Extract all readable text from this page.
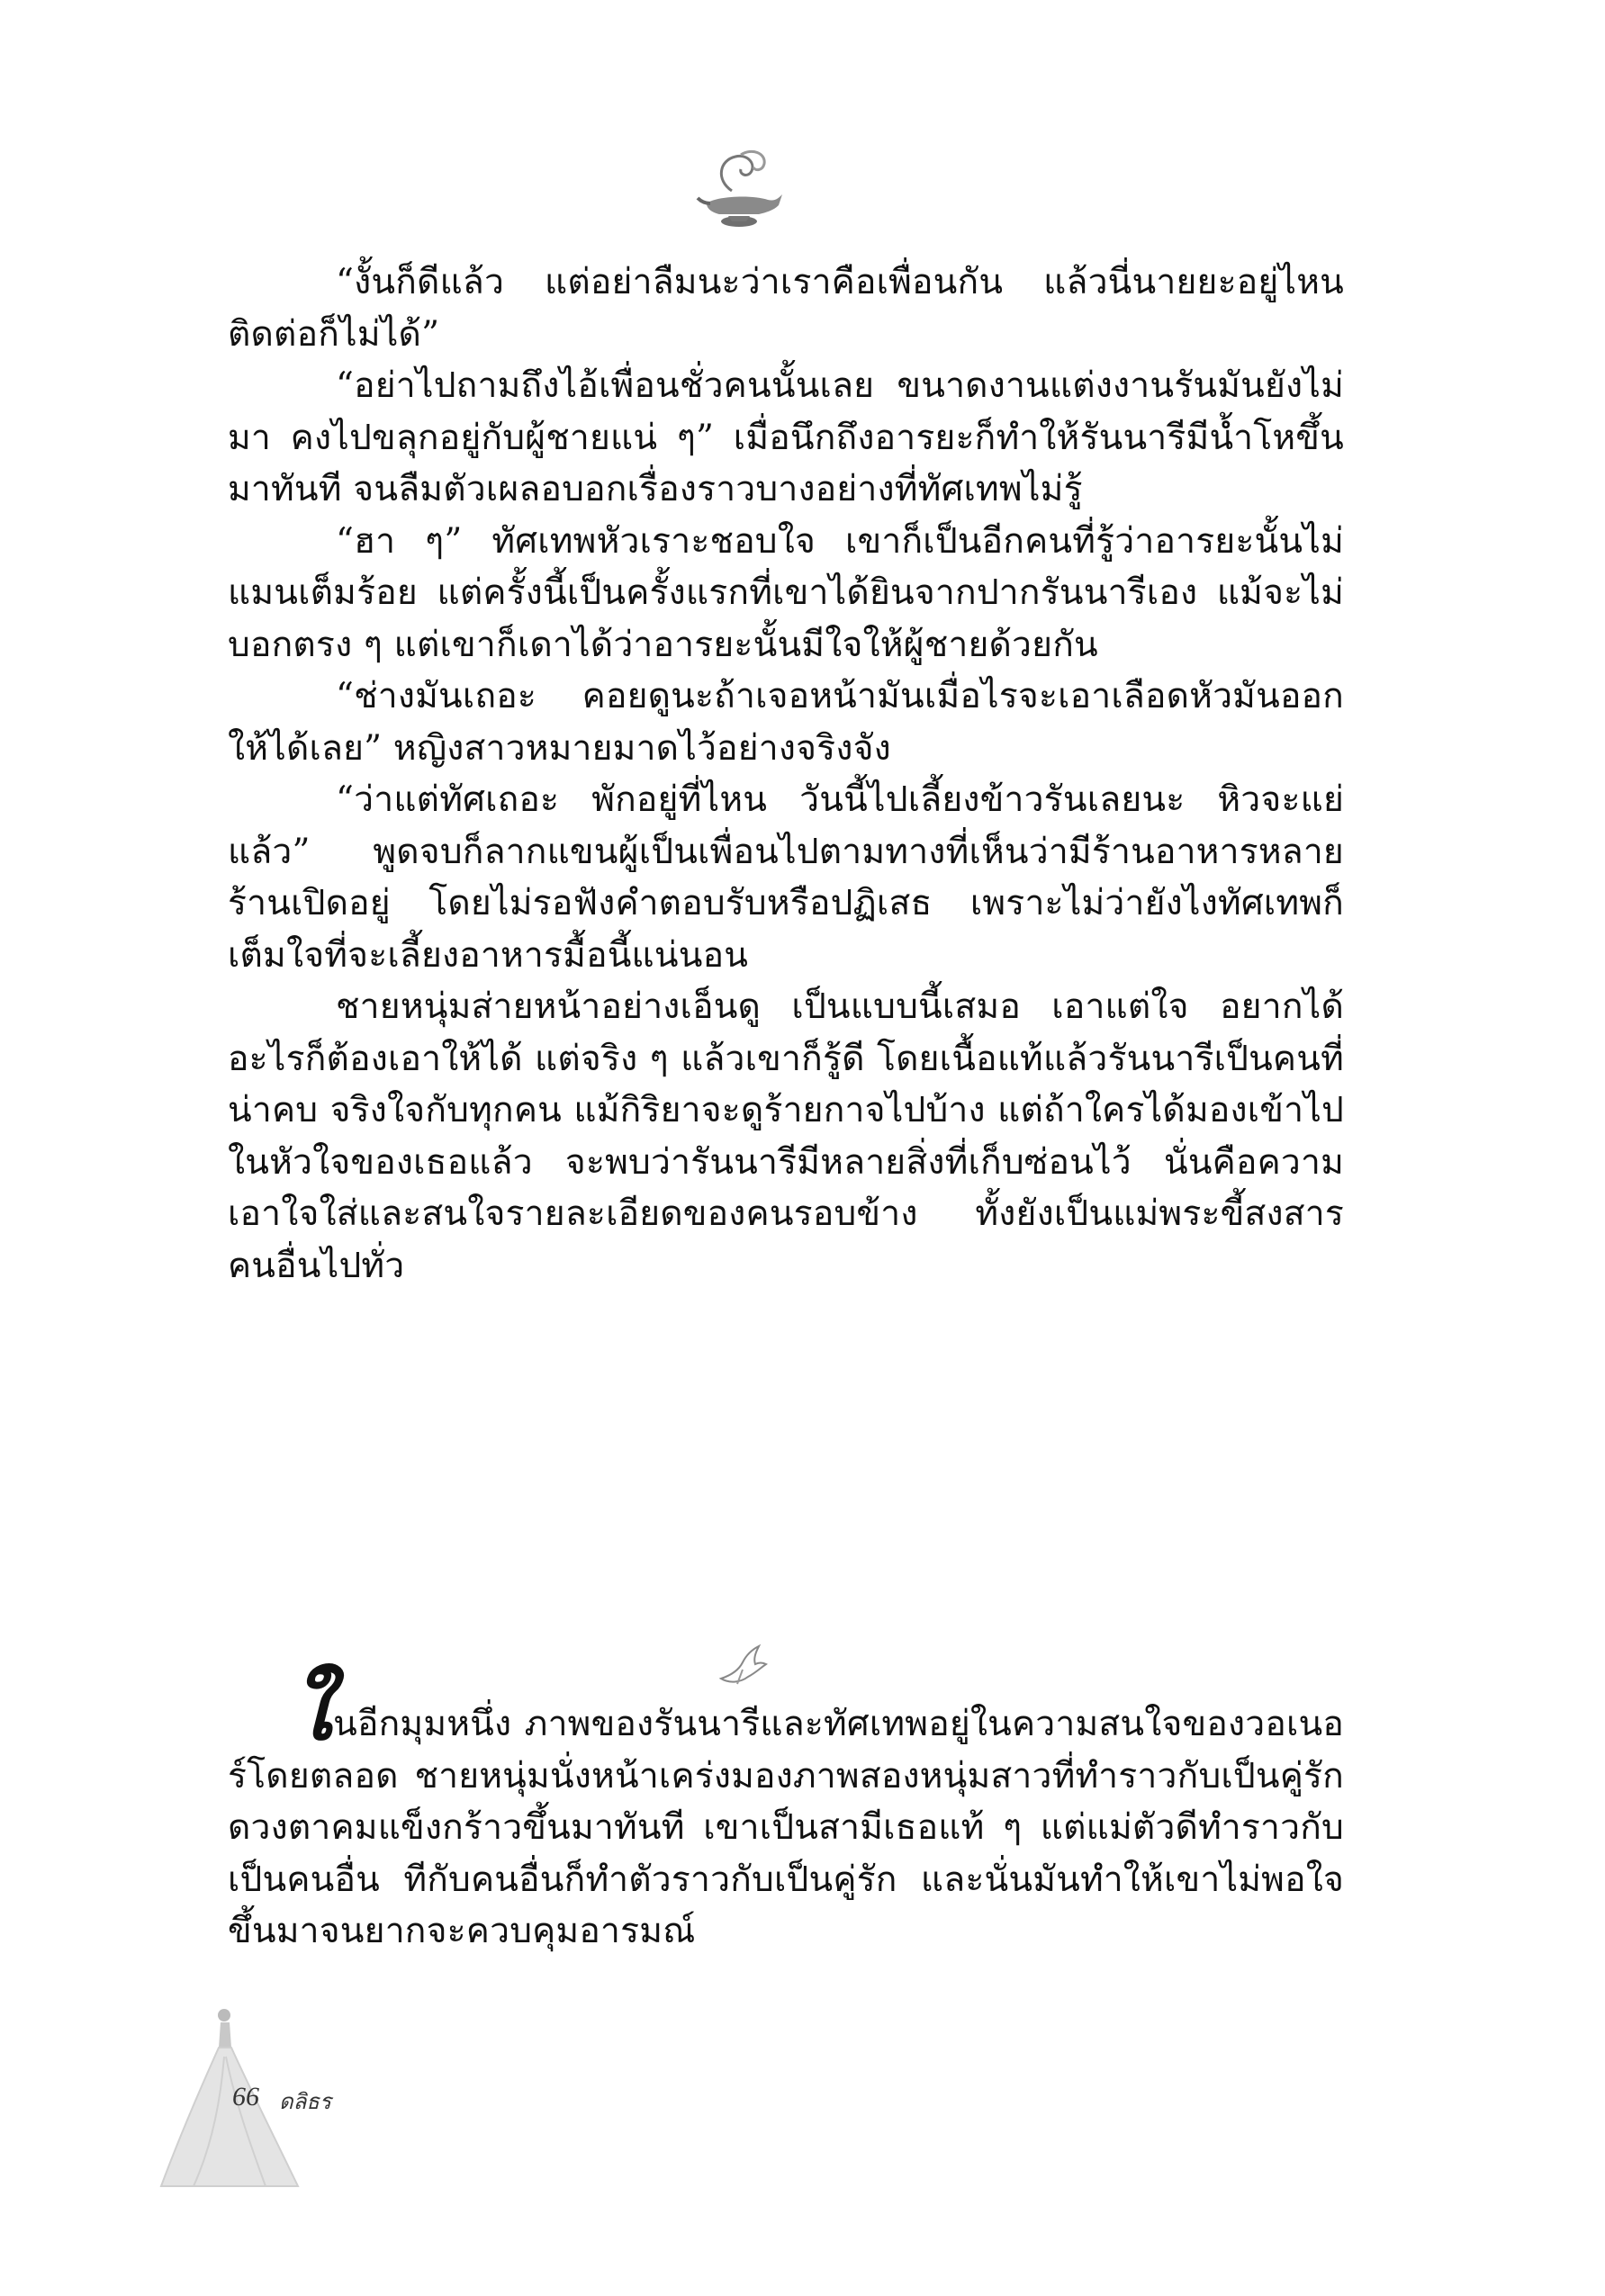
“งั้นก็ดีแล้ว แต่อย่าลืมนะว่าเราคือเพื่อนกัน แล้วนี่นายยะอยู่ไหนติดต่อก็ไม่ได้”

“อย่าไปถามถึงไอ้เพื่อนชั่วคนนั้นเลย ขนาดงานแต่งงานรันมันยังไม่มา คงไปขลุกอยู่กับผู้ชายแน่ ๆ” เมื่อนึกถึงอารยะก็ทำให้รันนารีมีน้ำโหขึ้นมาทันที จนลืมตัวเผลอบอกเรื่องราวบางอย่างที่ทัศเทพไม่รู้

“ฮา ๆ” ทัศเทพหัวเราะชอบใจ เขาก็เป็นอีกคนที่รู้ว่าอารยะนั้นไม่แมนเต็มร้อย แต่ครั้งนี้เป็นครั้งแรกที่เขาได้ยินจากปากรันนารีเอง แม้จะไม่บอกตรง ๆ แต่เขาก็เดาได้ว่าอารยะนั้นมีใจให้ผู้ชายด้วยกัน

“ช่างมันเถอะ คอยดูนะถ้าเจอหน้ามันเมื่อไรจะเอาเลือดหัวมันออกให้ได้เลย” หญิงสาวหมายมาดไว้อย่างจริงจัง

“ว่าแต่ทัศเถอะ พักอยู่ที่ไหน วันนี้ไปเลี้ยงข้าวรันเลยนะ หิวจะแย่แล้ว” พูดจบก็ลากแขนผู้เป็นเพื่อนไปตามทางที่เห็นว่ามีร้านอาหารหลายร้านเปิดอยู่ โดยไม่รอฟังคำตอบรับหรือปฏิเสธ เพราะไม่ว่ายังไงทัศเทพก็เต็มใจที่จะเลี้ยงอาหารมื้อนี้แน่นอน

ชายหนุ่มส่ายหน้าอย่างเอ็นดู เป็นแบบนี้เสมอ เอาแต่ใจ อยากได้อะไรก็ต้องเอาให้ได้ แต่จริง ๆ แล้วเขาก็รู้ดี โดยเนื้อแท้แล้วรันนารีเป็นคนที่น่าคบ จริงใจกับทุกคน แม้กิริยาจะดูร้ายกาจไปบ้าง แต่ถ้าใครได้มองเข้าไปในหัวใจของเธอแล้ว จะพบว่ารันนารีมีหลายสิ่งที่เก็บซ่อนไว้ นั่นคือความเอาใจใส่และสนใจรายละเอียดของคนรอบข้าง ทั้งยังเป็นแม่พระขี้สงสารคนอื่นไปทั่ว

ในอีกมุมหนึ่ง ภาพของรันนารีและทัศเทพอยู่ในความสนใจของวอเนอร์โดยตลอด ชายหนุ่มนั่งหน้าเคร่งมองภาพสองหนุ่มสาวที่ทำราวกับเป็นคู่รัก ดวงตาคมแข็งกร้าวขึ้นมาทันที เขาเป็นสามีเธอแท้ ๆ แต่แม่ตัวดีทำราวกับเป็นคนอื่น ทีกับคนอื่นก็ทำตัวราวกับเป็นคู่รัก และนั่นมันทำให้เขาไม่พอใจขึ้นมาจนยากจะควบคุมอารมณ์

66 ดลิธร
